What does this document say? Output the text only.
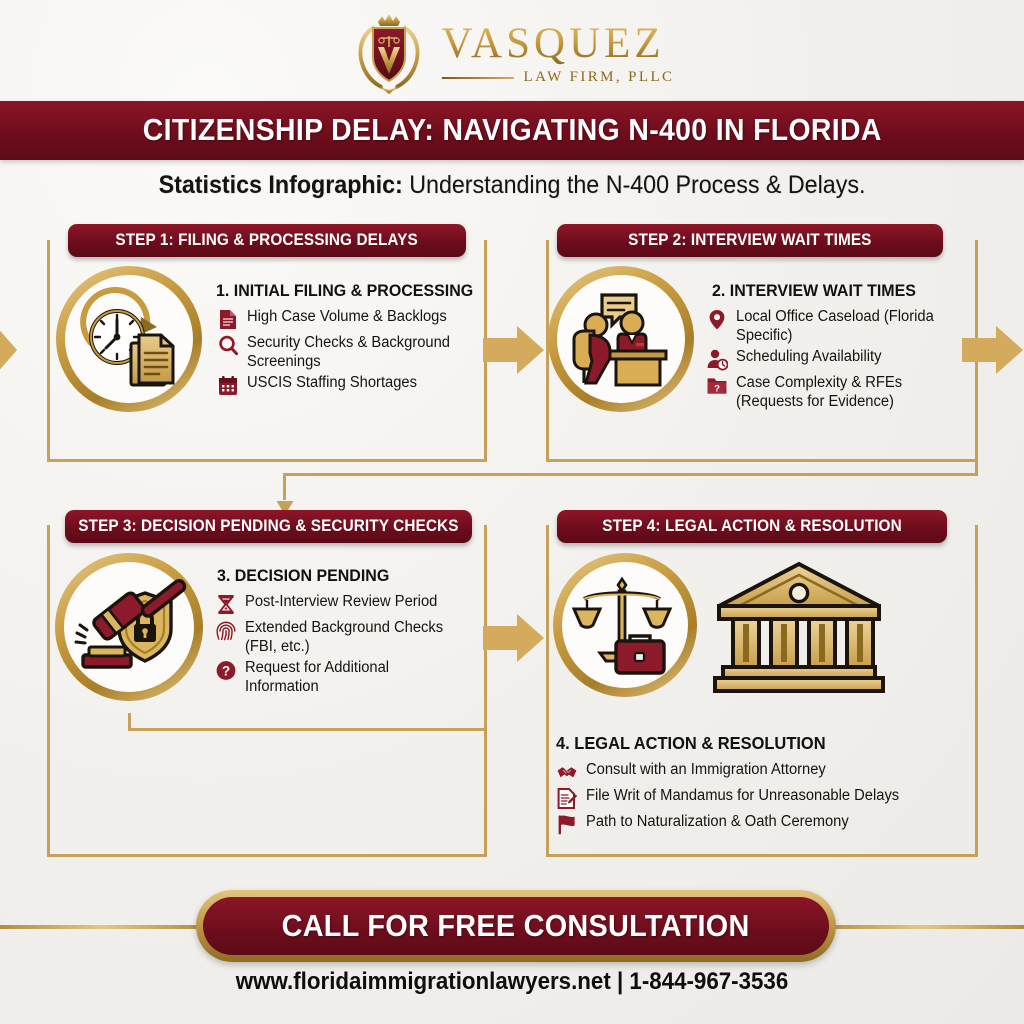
VASQUEZ
LAW FIRM, PLLC
CITIZENSHIP DELAY: NAVIGATING N-400 IN FLORIDA
Statistics Infographic: Understanding the N-400 Process & Delays.
STEP 1: FILING & PROCESSING DELAYS
1. INITIAL FILING & PROCESSING
High Case Volume & Backlogs
Security Checks & Background Screenings
USCIS Staffing Shortages
STEP 2: INTERVIEW WAIT TIMES
2. INTERVIEW WAIT TIMES
Local Office Caseload (Florida Specific)
Scheduling Availability
? Case Complexity & RFEs (Requests for Evidence)
STEP 3: DECISION PENDING & SECURITY CHECKS
3. DECISION PENDING
Post-Interview Review Period
Extended Background Checks (FBI, etc.)
? Request for Additional Information
STEP 4: LEGAL ACTION & RESOLUTION
4. LEGAL ACTION & RESOLUTION
Consult with an Immigration Attorney
File Writ of Mandamus for Unreasonable Delays
Path to Naturalization & Oath Ceremony
CALL FOR FREE CONSULTATION
www.floridaimmigrationlawyers.net | 1-844-967-3536
